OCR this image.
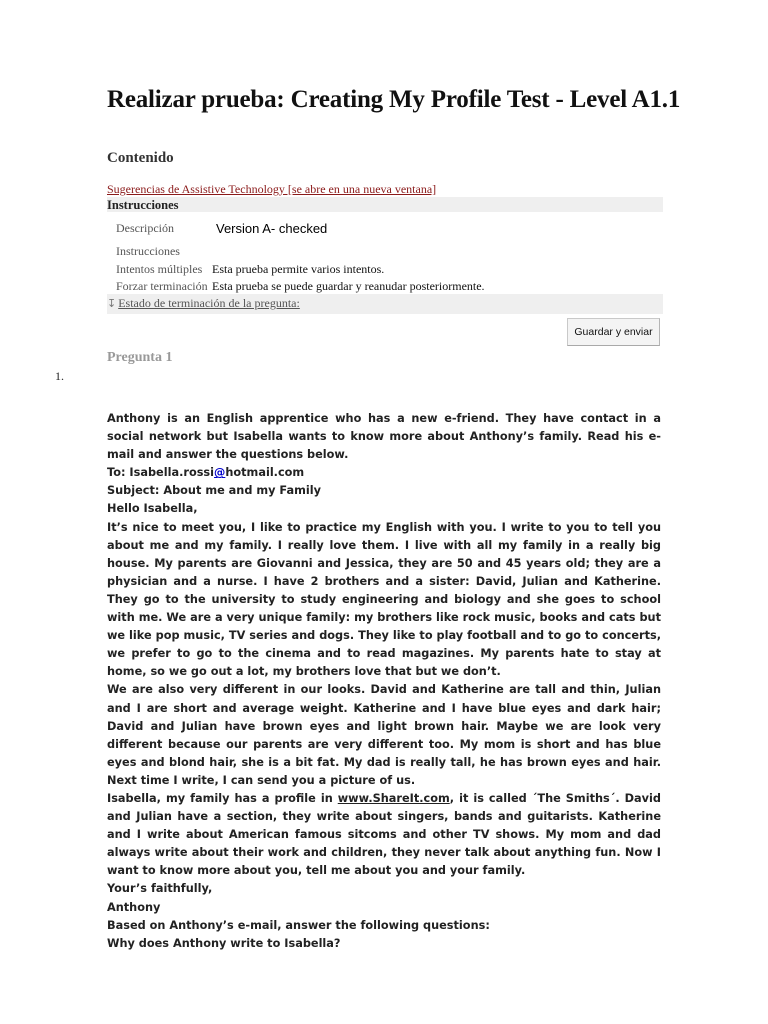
Realizar prueba: Creating My Profile Test - Level A1.1
Contenido
Sugerencias de Assistive Technology [se abre en una nueva ventana]
Instrucciones
Descripción	Version A- checked
Instrucciones
Intentos múltiples Esta prueba permite varios intentos.
Forzar terminación Esta prueba se puede guardar y reanudar posteriormente.
↧ Estado de terminación de la pregunta:
Guardar y enviar
Pregunta 1
1.

Anthony is an English apprentice who has a new e-friend. They have contact in a social network but Isabella wants to know more about Anthony’s family. Read his e-mail and answer the questions below.

To: Isabella.rossi@hotmail.com

Subject: About me and my Family

Hello Isabella,

It’s nice to meet you, I like to practice my English with you. I write to you to tell you about me and my family. I really love them. I live with all my family in a really big house. My parents are Giovanni and Jessica, they are 50 and 45 years old; they are a physician and a nurse. I have 2 brothers and a sister: David, Julian and Katherine. They go to the university to study engineering and biology and she goes to school with me. We are a very unique family: my brothers like rock music, books and cats but we like pop music, TV series and dogs. They like to play football and to go to concerts, we prefer to go to the cinema and to read magazines. My parents hate to stay at home, so we go out a lot, my brothers love that but we don’t.

We are also very different in our looks. David and Katherine are tall and thin, Julian and I are short and average weight. Katherine and I have blue eyes and dark hair; David and Julian have brown eyes and light brown hair. Maybe we are look very different because our parents are very different too. My mom is short and has blue eyes and blond hair, she is a bit fat. My dad is really tall, he has brown eyes and hair. Next time I write, I can send you a picture of us.

Isabella, my family has a profile in www.ShareIt.com, it is called ´The Smiths´. David and Julian have a section, they write about singers, bands and guitarists. Katherine and I write about American famous sitcoms and other TV shows. My mom and dad always write about their work and children, they never talk about anything fun. Now I want to know more about you, tell me about you and your family.

Your’s faithfully,

Anthony

Based on Anthony’s e-mail, answer the following questions:

Why does Anthony write to Isabella?
